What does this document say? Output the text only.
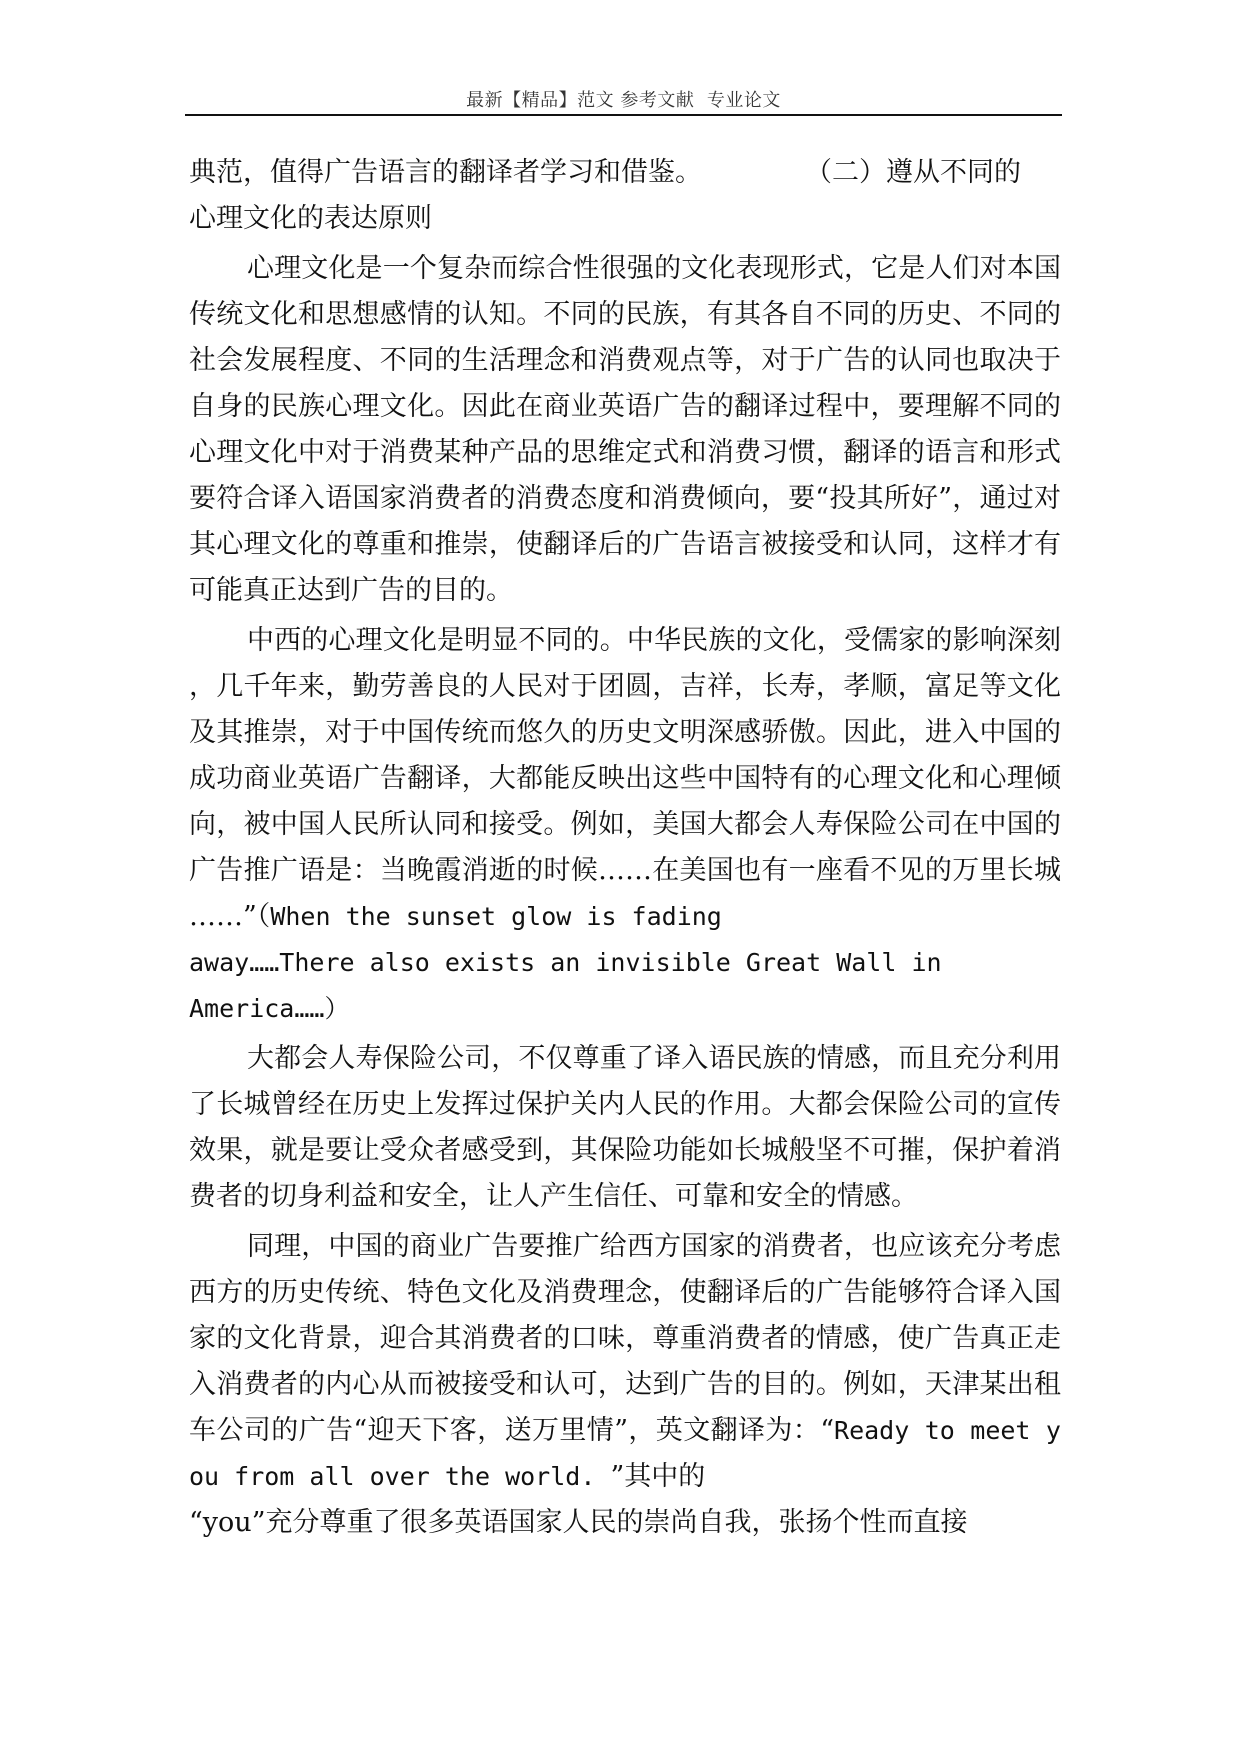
最新【精品】范文 参考文献  专业论文

典范，值得广告语言的翻译者学习和借鉴。	（二）遵从不同的

心理文化的表达原则

心理文化是一个复杂而综合性很强的文化表现形式，它是人们对本国传统文化和思想感情的认知。不同的民族，有其各自不同的历史、不同的社会发展程度、不同的生活理念和消费观点等，对于广告的认同也取决于自身的民族心理文化。因此在商业英语广告的翻译过程中，要理解不同的心理文化中对于消费某种产品的思维定式和消费习惯，翻译的语言和形式要符合译入语国家消费者的消费态度和消费倾向，要“投其所好”，通过对其心理文化的尊重和推崇，使翻译后的广告语言被接受和认同，这样才有可能真正达到广告的目的。

中西的心理文化是明显不同的。中华民族的文化，受儒家的影响深刻，几千年来，勤劳善良的人民对于团圆，吉祥，长寿，孝顺，富足等文化及其推崇，对于中国传统而悠久的历史文明深感骄傲。因此，进入中国的成功商业英语广告翻译，大都能反映出这些中国特有的心理文化和心理倾向，被中国人民所认同和接受。例如，美国大都会人寿保险公司在中国的广告推广语是：当晚霞消逝的时候……在美国也有一座看不见的万里长城……”（When the sunset glow is fading
away……There also exists an invisible Great Wall in
America……）

大都会人寿保险公司，不仅尊重了译入语民族的情感，而且充分利用了长城曾经在历史上发挥过保护关内人民的作用。大都会保险公司的宣传效果，就是要让受众者感受到，其保险功能如长城般坚不可摧，保护着消费者的切身利益和安全，让人产生信任、可靠和安全的情感。

同理，中国的商业广告要推广给西方国家的消费者，也应该充分考虑西方的历史传统、特色文化及消费理念，使翻译后的广告能够符合译入国家的文化背景，迎合其消费者的口味，尊重消费者的情感，使广告真正走入消费者的内心从而被接受和认可，达到广告的目的。例如，天津某出租车公司的广告“迎天下客，送万里情”，英文翻译为：“Ready to meet you from all over the world. ”其中的
“you”充分尊重了很多英语国家人民的崇尚自我，张扬个性而直接
